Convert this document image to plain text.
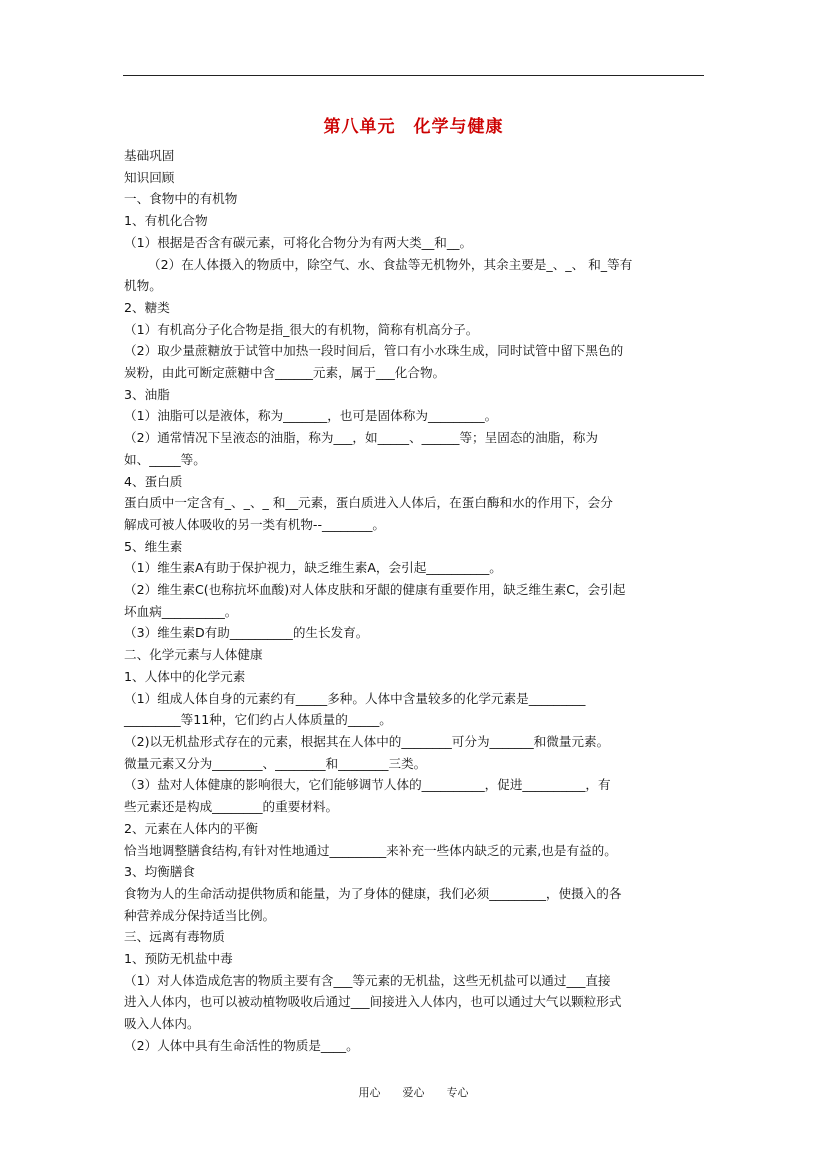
第八单元　化学与健康
基础巩固
知识回顾
一、食物中的有机物
1、有机化合物
（1）根据是否含有碳元素，可将化合物分为有两大类__和__。
（2）在人体摄入的物质中，除空气、水、食盐等无机物外，其余主要是_、_、 和_等有
机物。
2、糖类
（1）有机高分子化合物是指_很大的有机物，简称有机高分子。
（2）取少量蔗糖放于试管中加热一段时间后，管口有小水珠生成，同时试管中留下黑色的
炭粉，由此可断定蔗糖中含______元素，属于___化合物。
3、油脂
（1）油脂可以是液体，称为_______，也可是固体称为_________。
（2）通常情况下呈液态的油脂，称为___，如_____、______等；呈固态的油脂，称为
如、_____等。
4、蛋白质
蛋白质中一定含有_、_、_ 和__元素，蛋白质进入人体后，在蛋白酶和水的作用下，会分
解成可被人体吸收的另一类有机物--________。
5、维生素
（1）维生素A有助于保护视力，缺乏维生素A，会引起__________。
（2）维生素C(也称抗坏血酸)对人体皮肤和牙龈的健康有重要作用，缺乏维生素C，会引起
坏血病__________。
（3）维生素D有助__________的生长发育。
二、化学元素与人体健康
1、人体中的化学元素
（1）组成人体自身的元素约有_____多种。人体中含量较多的化学元素是_________
_________等11种，它们约占人体质量的_____。
（2)以无机盐形式存在的元素，根据其在人体中的________可分为_______和微量元素。
微量元素又分为________、________和________三类。
（3）盐对人体健康的影响很大，它们能够调节人体的__________，促进__________，有
些元素还是构成________的重要材料。
2、元素在人体内的平衡
恰当地调整膳食结构,有针对性地通过_________来补充一些体内缺乏的元素,也是有益的。
3、均衡膳食
食物为人的生命活动提供物质和能量，为了身体的健康，我们必须_________，使摄入的各
种营养成分保持适当比例。
三、远离有毒物质
1、预防无机盐中毒
（1）对人体造成危害的物质主要有含___等元素的无机盐，这些无机盐可以通过___直接
进入人体内，也可以被动植物吸收后通过___间接进入人体内，也可以通过大气以颗粒形式
吸入人体内。
（2）人体中具有生命活性的物质是____。
用心　　爱心　　专心
